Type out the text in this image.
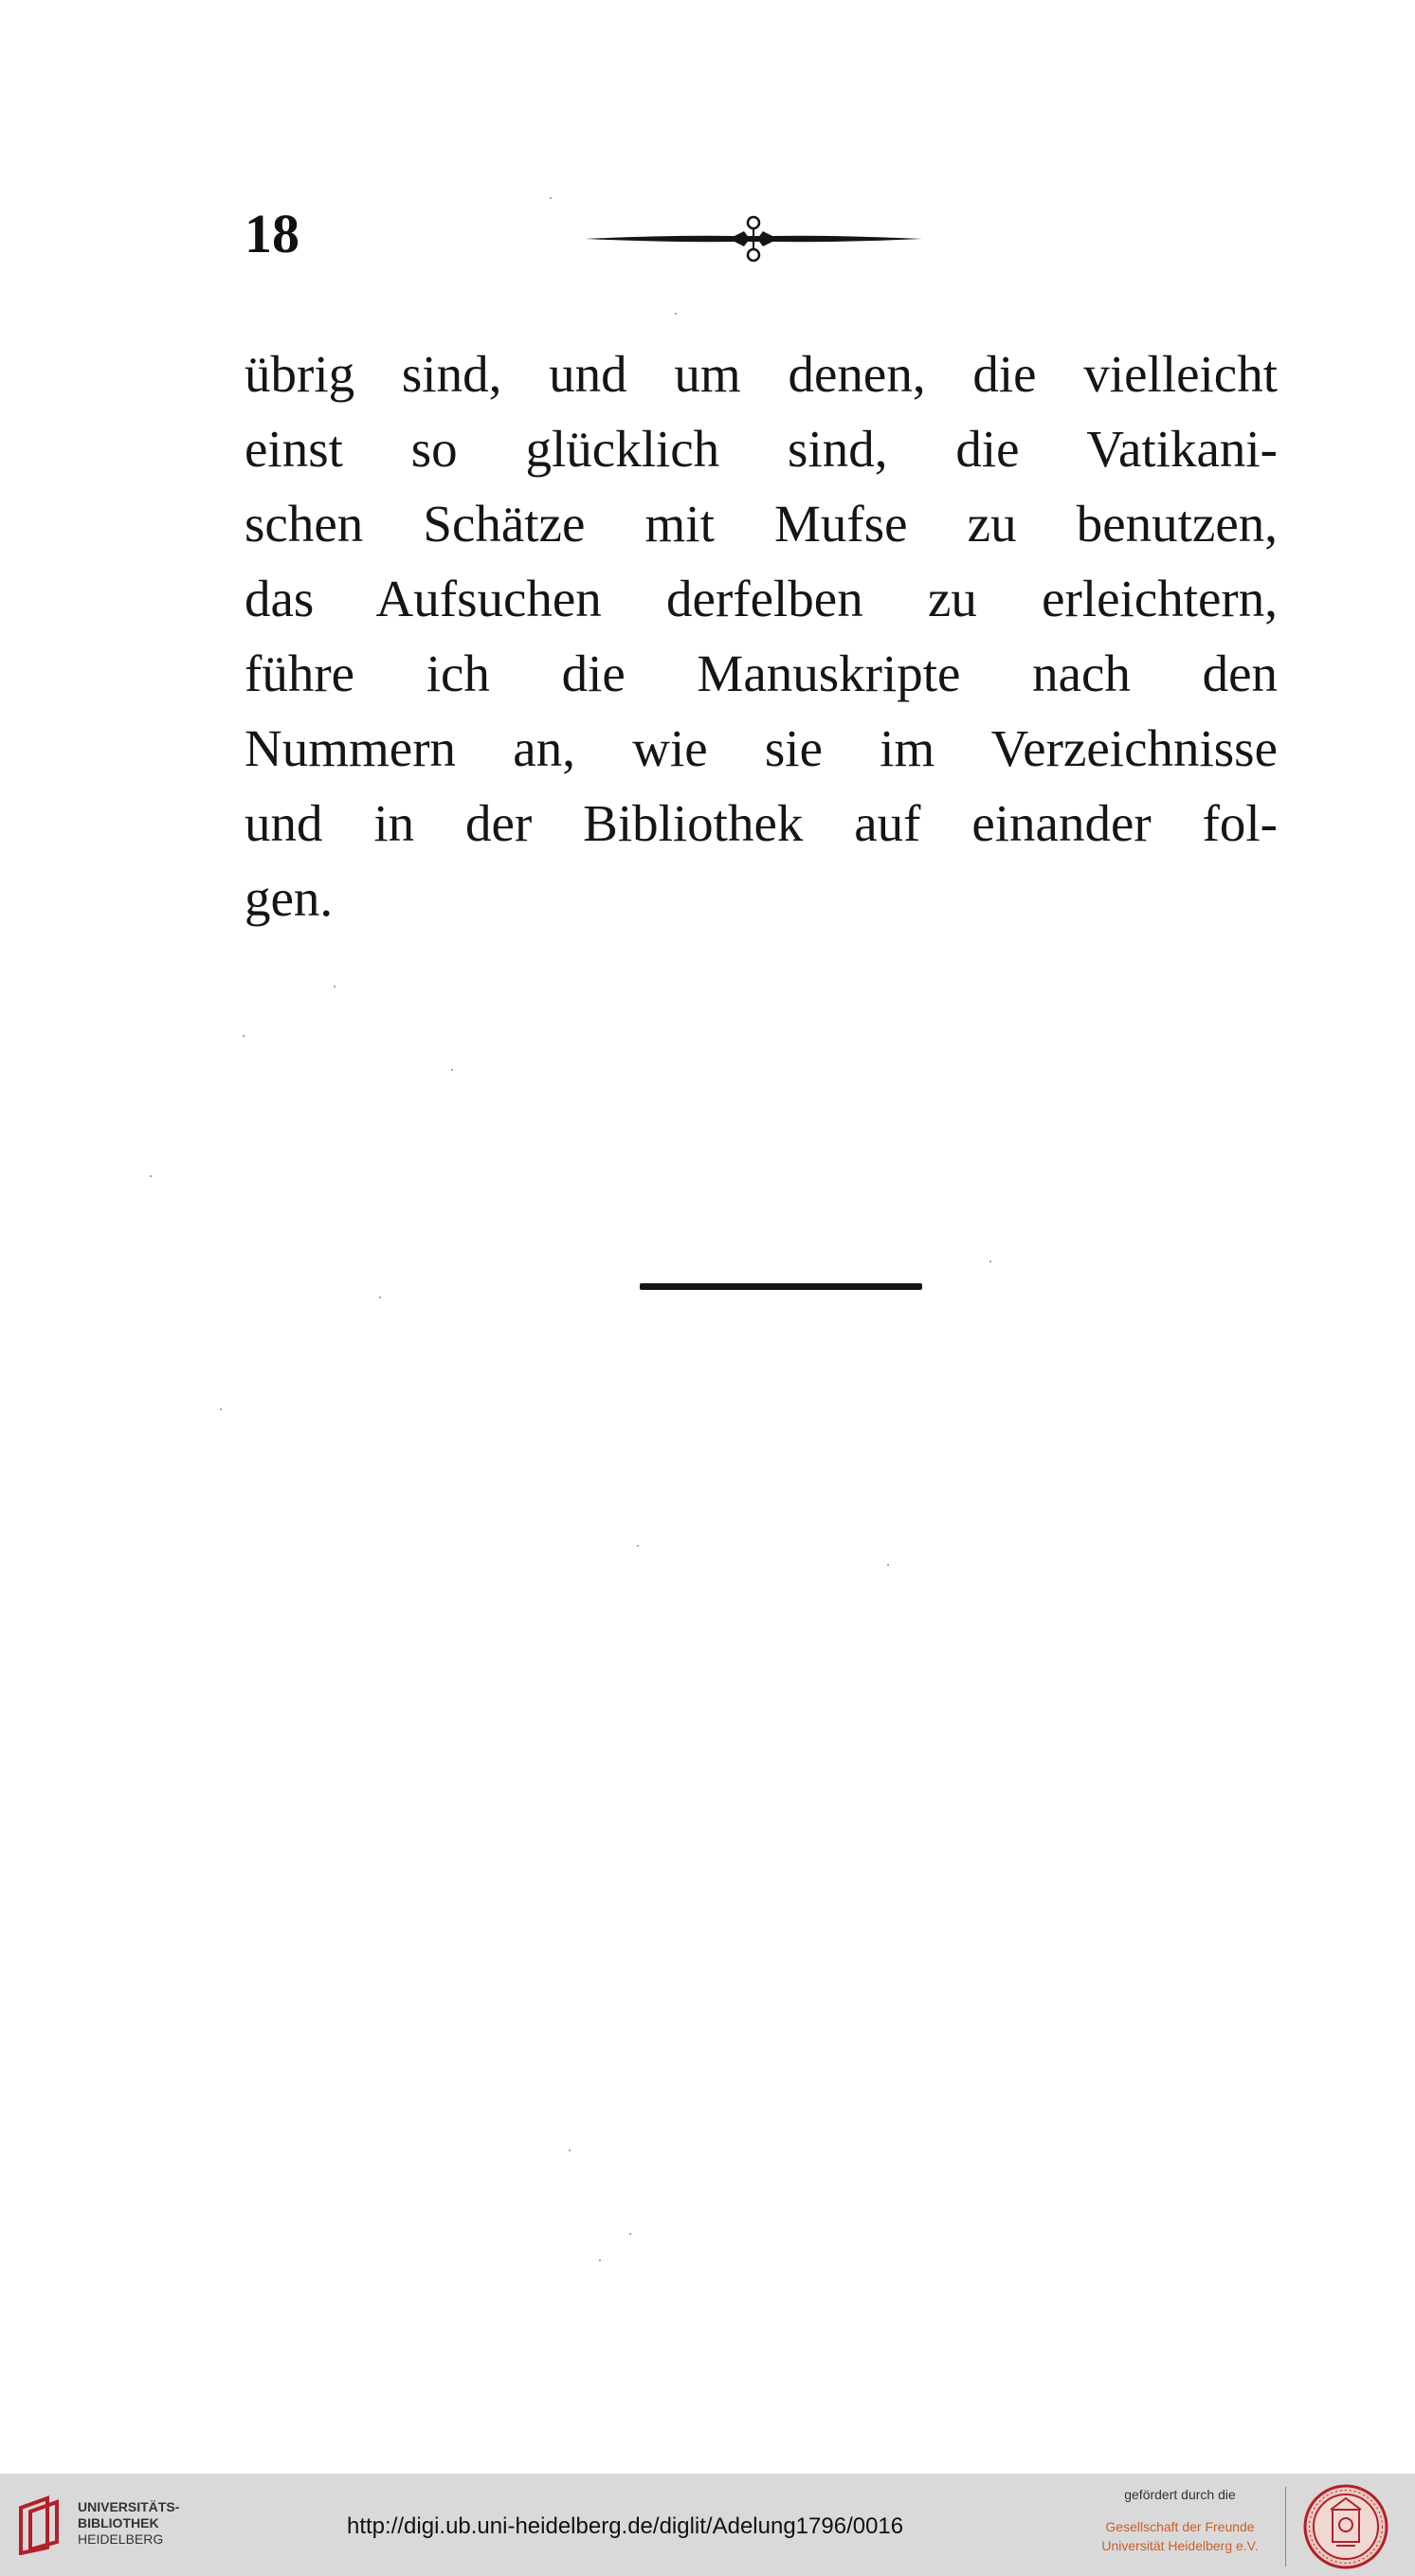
18
übrig sind, und um denen, die vielleicht
einst so glücklich sind, die Vatikani-
schen Schätze mit Mufse zu benutzen,
das Aufsuchen derfelben zu erleichtern,
führe ich die Manuskripte nach den
Nummern an, wie sie im Verzeichnisse
und in der Bibliothek auf einander fol-
gen.
UNIVERSITÄTS-
BIBLIOTHEK
HEIDELBERG	http://digi.ub.uni-heidelberg.de/diglit/Adelung1796/0016
gefördert durch die
Gesellschaft der Freunde
Universität Heidelberg e.V.
